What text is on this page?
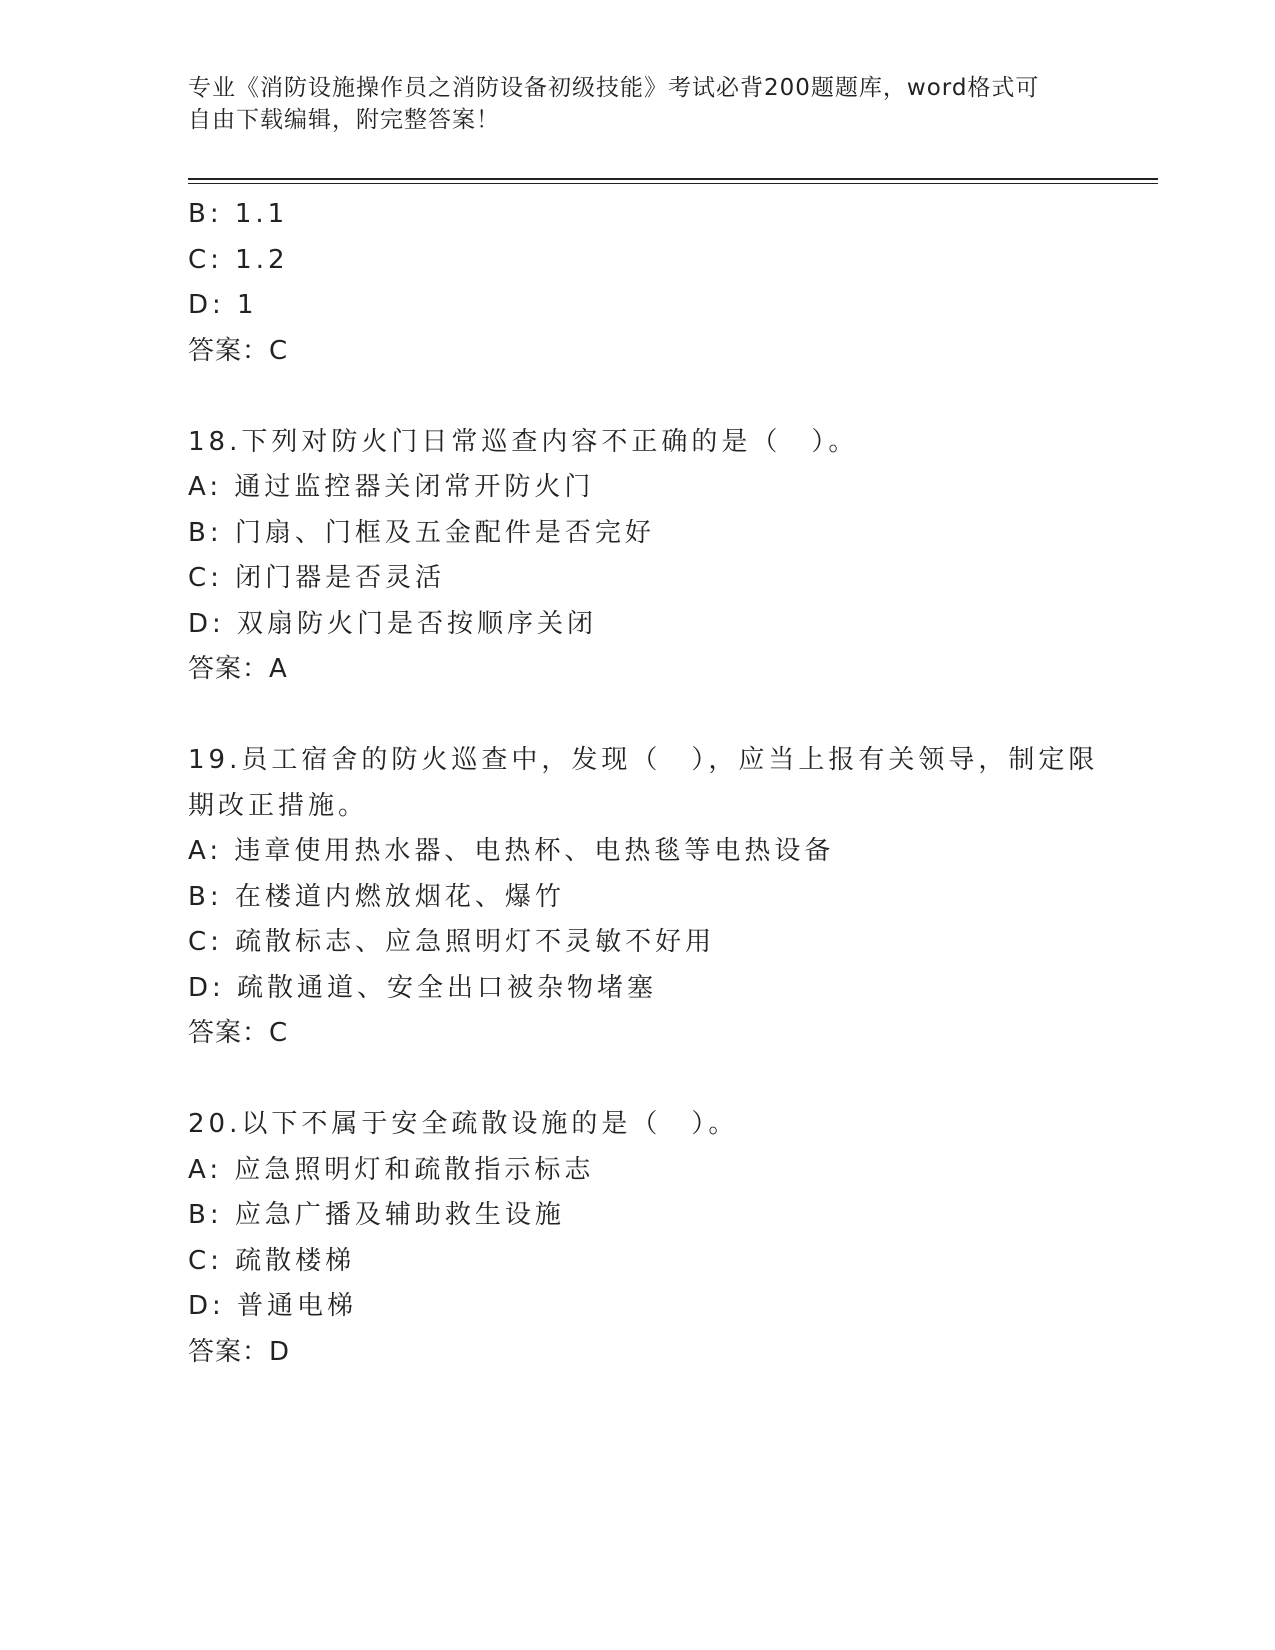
专业《消防设施操作员之消防设备初级技能》考试必背200题题库，word格式可
自由下载编辑，附完整答案！
B: 1.1
C: 1.2
D: 1
答案：C
18.下列对防火门日常巡查内容不正确的是（　）。
A: 通过监控器关闭常开防火门
B: 门扇、门框及五金配件是否完好
C: 闭门器是否灵活
D: 双扇防火门是否按顺序关闭
答案：A
19.员工宿舍的防火巡查中，发现（　），应当上报有关领导，制定限
期改正措施。
A: 违章使用热水器、电热杯、电热毯等电热设备
B: 在楼道内燃放烟花、爆竹
C: 疏散标志、应急照明灯不灵敏不好用
D: 疏散通道、安全出口被杂物堵塞
答案：C
20.以下不属于安全疏散设施的是（　）。
A: 应急照明灯和疏散指示标志
B: 应急广播及辅助救生设施
C: 疏散楼梯
D: 普通电梯
答案：D
